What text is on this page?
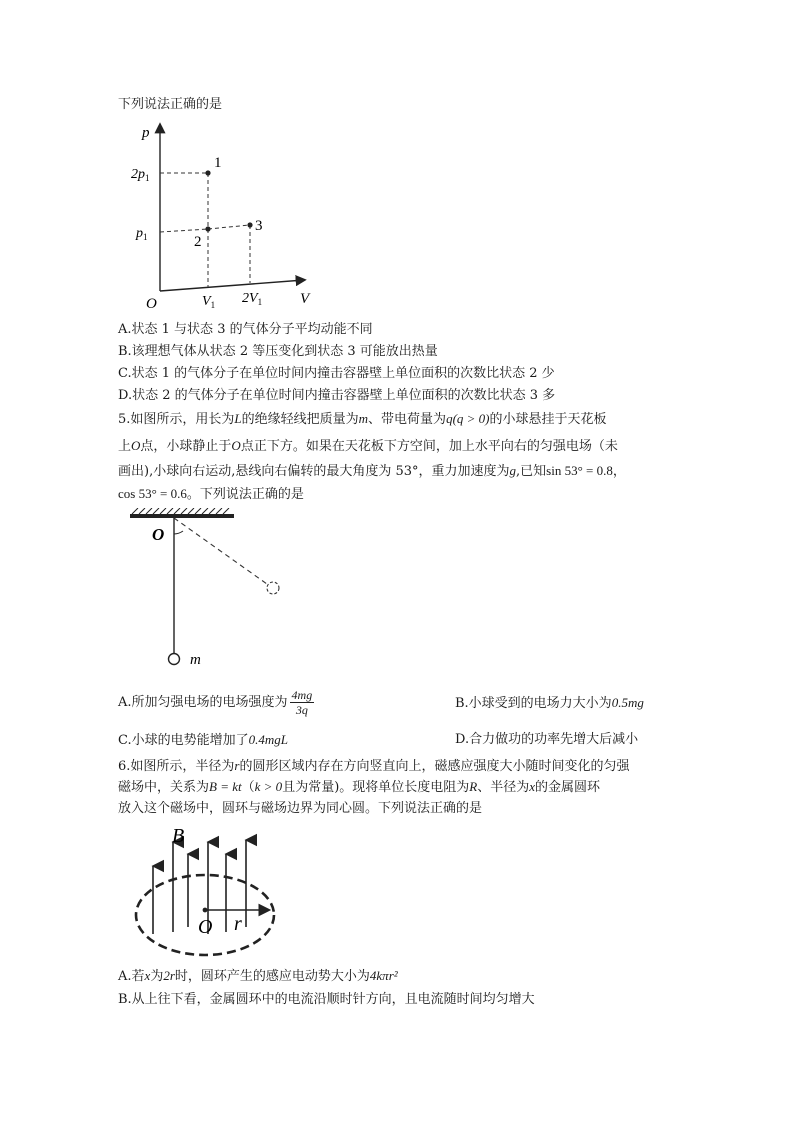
下列说法正确的是
p
V
O
$2p_1$
$p_1$
$V_1$ $2V_1$
1
2
3
A.状态 1 与状态 3 的气体分子平均动能不同
B.该理想气体从状态 2 等压变化到状态 3 可能放出热量
C.状态 1 的气体分子在单位时间内撞击容器壁上单位面积的次数比状态 2 少
D.状态 2 的气体分子在单位时间内撞击容器壁上单位面积的次数比状态 3 多
5.如图所示，用长为L的绝缘轻线把质量为m、带电荷量为q(q > 0)的小球悬挂于天花板
上O点，小球静止于O点正下方。如果在天花板下方空间，加上水平向右的匀强电场（未
画出),小球向右运动,悬线向右偏转的最大角度为 53°，重力加速度为g,已知sin 53° = 0.8，
cos 53° = 0.6。下列说法正确的是
O
m
A.所加匀强电场的电场强度为 $\frac{4mg}{3q}$	B.小球受到的电场力大小为0.5mg
C.小球的电势能增加了0.4mgL	D.合力做功的功率先增大后减小
6.如图所示，半径为r的圆形区域内存在方向竖直向上，磁感应强度大小随时间变化的匀强
磁场中，关系为B = kt（k > 0且为常量)。现将单位长度电阻为R、半径为x的金属圆环
放入这个磁场中，圆环与磁场边界为同心圆。下列说法正确的是
B
O r
A.若x为2r时，圆环产生的感应电动势大小为4kπr²
B.从上往下看，金属圆环中的电流沿顺时针方向，且电流随时间均匀增大
